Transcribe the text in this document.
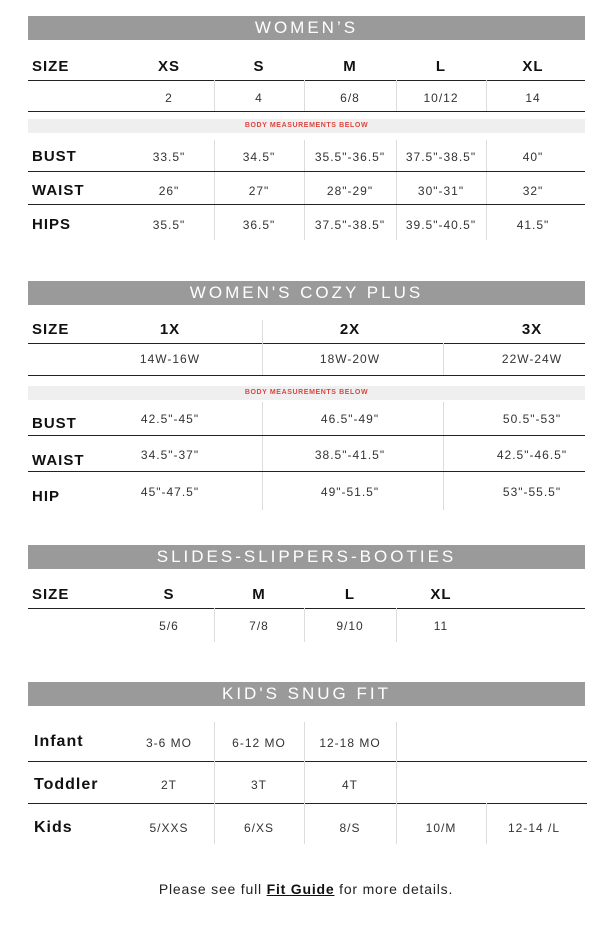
WOMEN’S
SIZE	XS	S	M	L	XL
2	4	6/8	10/12	14
BODY MEASUREMENTS BELOW
BUST	33.5"	34.5"	35.5"-36.5"	37.5"-38.5"	40"
WAIST	26"	27"	28"-29"	30"-31"	32"
HIPS	35.5"	36.5"	37.5"-38.5"	39.5"-40.5"	41.5"
WOMEN'S COZY PLUS
SIZE	1X	2X	3X
14W-16W	18W-20W	22W-24W
BODY MEASUREMENTS BELOW
BUST	42.5"-45"	46.5"-49"	50.5"-53"
WAIST	34.5"-37"	38.5"-41.5"	42.5"-46.5"
HIP	45"-47.5"	49"-51.5"	53"-55.5"
SLIDES-SLIPPERS-BOOTIES
SIZE	S	M	L	XL
5/6	7/8	9/10	11
KID'S SNUG FIT
Infant	3-6 MO	6-12 MO	12-18 MO
Toddler	2T	3T	4T
Kids	5/XXS	6/XS	8/S	10/M	12-14 /L
Please see full Fit Guide for more details.
